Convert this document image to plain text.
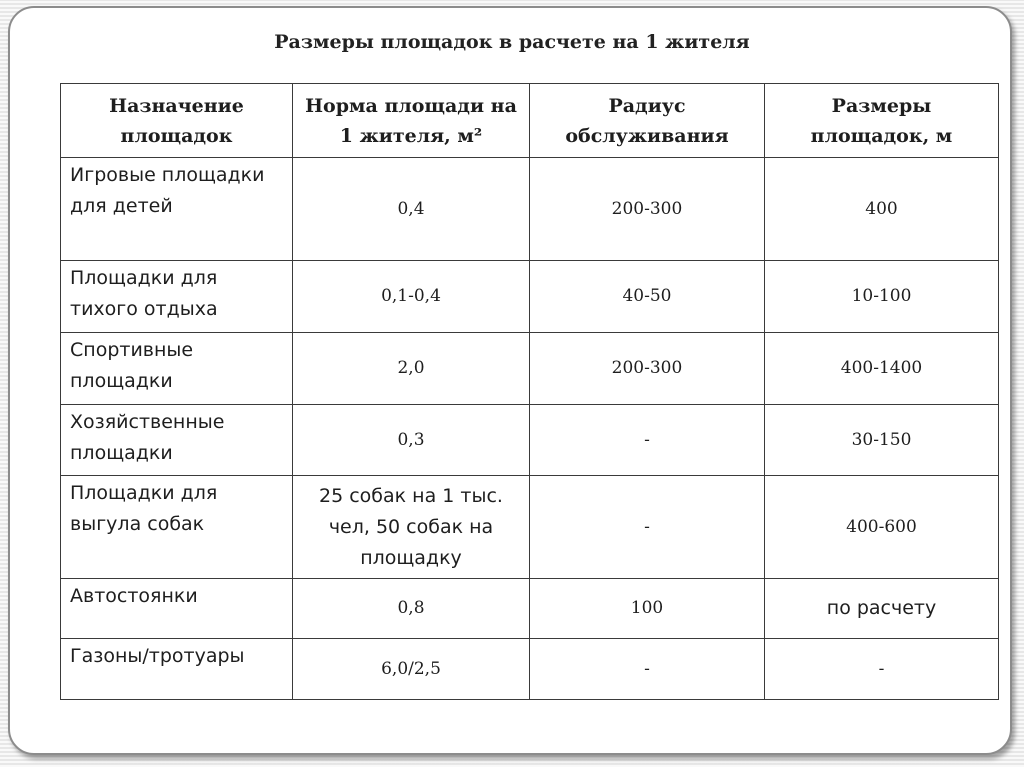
Размеры площадок в расчете на 1 жителя
Назначение площадок	Норма площади на 1 жителя, м²	Радиус обслуживания	Размеры площадок, м
Игровые площадки для детей	0,4	200-300	400
Площадки для тихого отдыха	0,1-0,4	40-50	10-100
Спортивные площадки	2,0	200-300	400-1400
Хозяйственные площадки	0,3	-	30-150
Площадки для выгула собак	25 собак на 1 тыс. чел, 50 собак на площадку	-	400-600
Автостоянки	0,8	100	по расчету
Газоны/тротуары	6,0/2,5	-	-
